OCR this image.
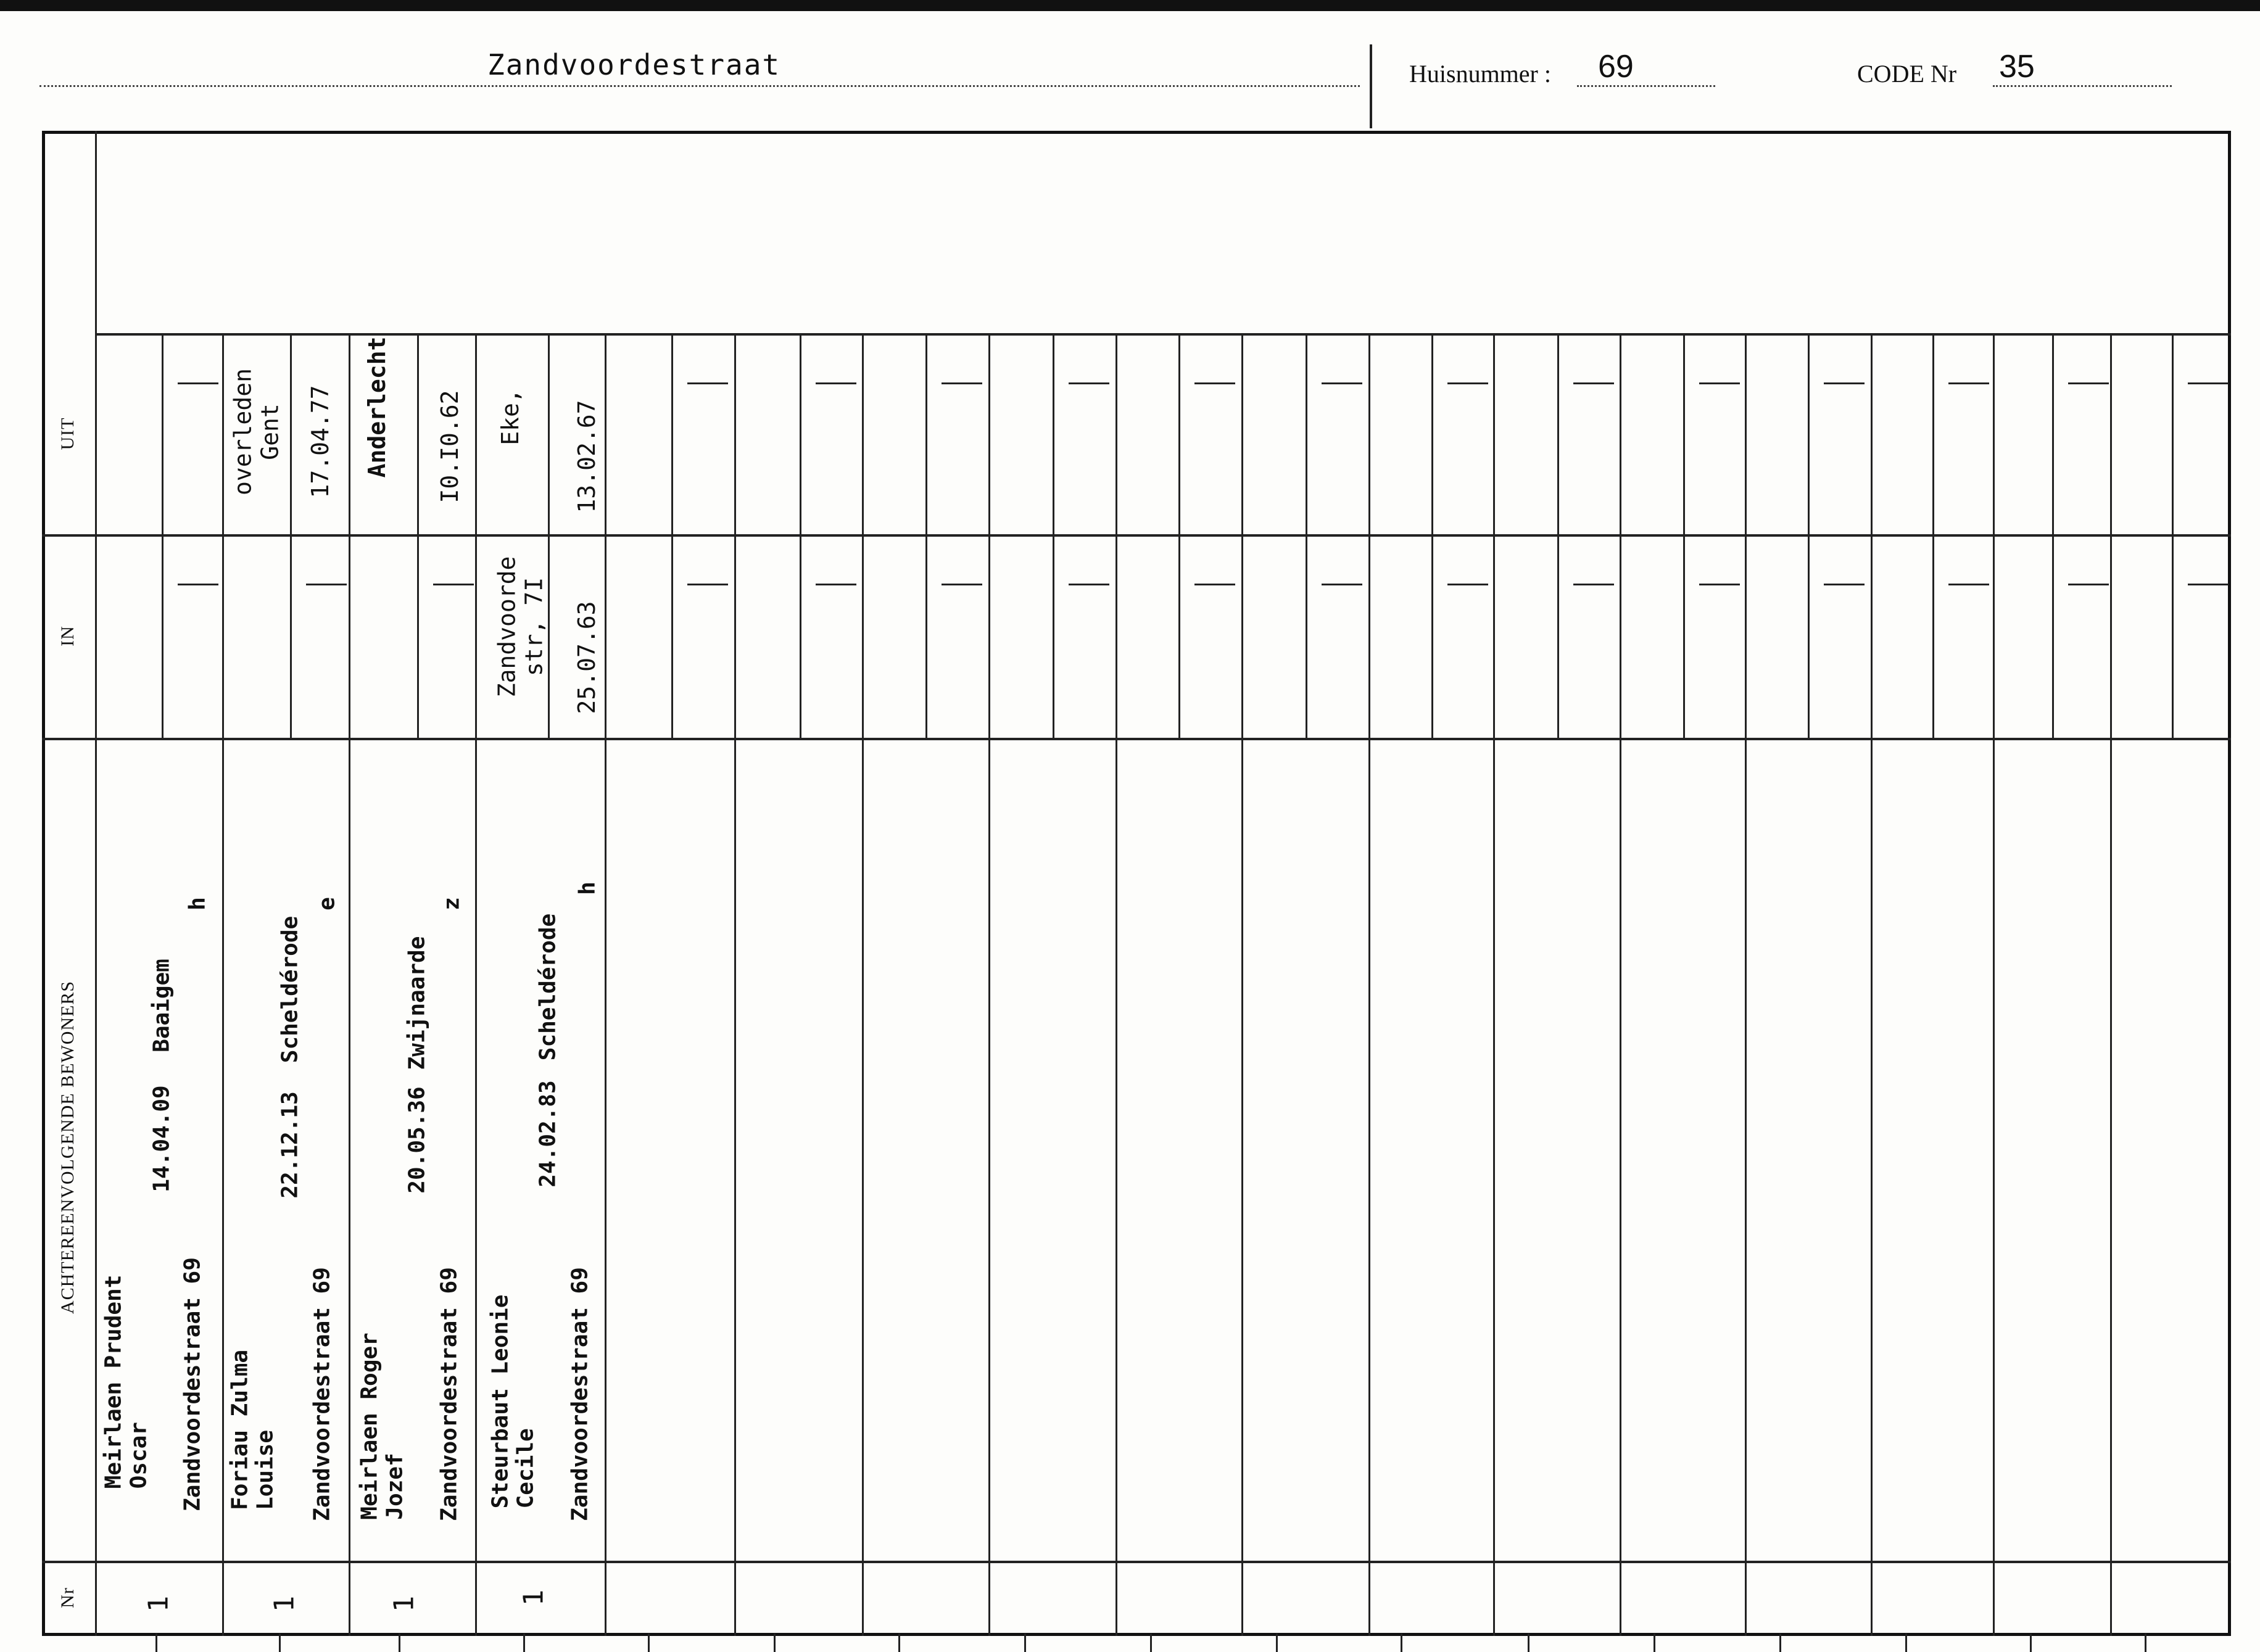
Zandvoordestraat	Huisnummer : 69	CODE Nr 35
UIT
IN
ACHTEREENVOLGENDE BEWONERS
Nr
Meirlaen Prudent Oscar Zandvoordestraat 69
14.04.09
Baaigem
h
1
Foriau Zulma Louise Zandvoordestraat 69
22.12.13
Scheldérode
e
1
overleden Gent 17.04.77
Meirlaen Roger Jozef Zandvoordestraat 69
20.05.36
Zwijnaarde
z
1
Anderlecht I0.I0.62
Steurbaut Leonie Cecile Zandvoordestraat 69
24.02.83
Scheldérode
h
1
Zandvoorde str, 7I 25.07.63
Eke, 13.02.67
